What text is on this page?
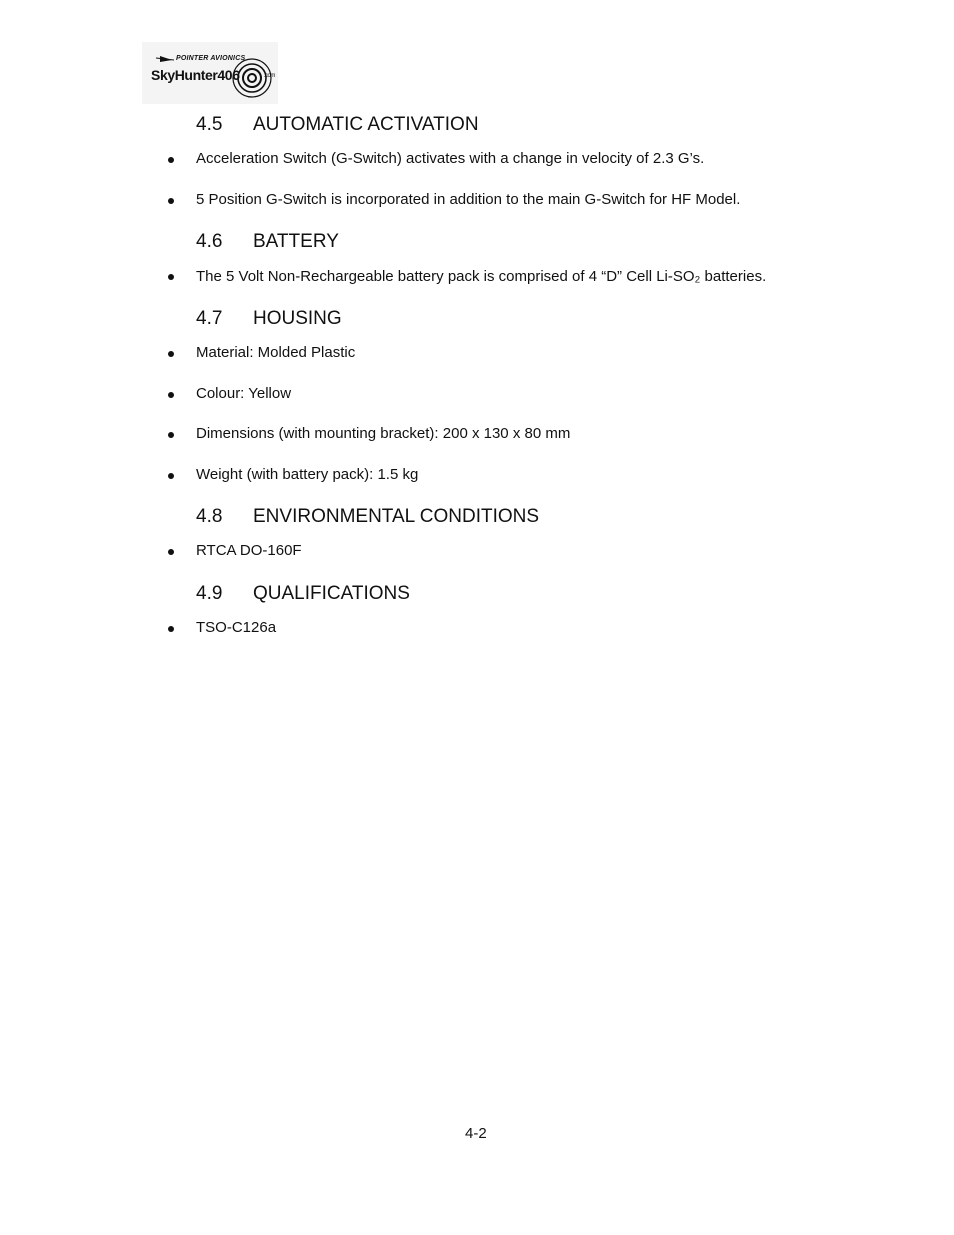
POINTER AVIONICS
SkyHunter406	$^{.com}$
4.5 AUTOMATIC ACTIVATION
Acceleration Switch (G-Switch) activates with a change in velocity of 2.3 G’s.
5 Position G-Switch is incorporated in addition to the main G-Switch for HF Model.
4.6 BATTERY
The 5 Volt Non-Rechargeable battery pack is comprised of 4 “D” Cell Li-SO₂ batteries.
4.7 HOUSING
Material: Molded Plastic
Colour: Yellow
Dimensions (with mounting bracket): 200 x 130 x 80 mm
Weight (with battery pack): 1.5 kg
4.8 ENVIRONMENTAL CONDITIONS
RTCA DO-160F
4.9 QUALIFICATIONS
TSO-C126a
4-2
